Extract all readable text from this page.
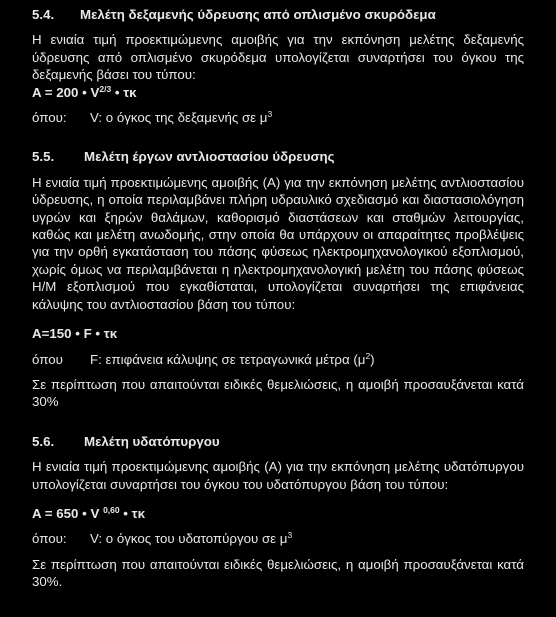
5.4. Μελέτη δεξαμενής ύδρευσης από οπλισμένο σκυρόδεμα

Η ενιαία τιμή προεκτιμώμενης αμοιβής για την εκπόνηση μελέτης δεξαμενής ύδρευσης από οπλισμένο σκυρόδεμα υπολογίζεται συναρτήσει του όγκου της δεξαμενής βάσει του τύπου:

A = 200 • $V^{2/3}$ • τκ

όπου: V: ο όγκος της δεξαμενής σε $\mu^3$

5.5. Μελέτη έργων αντλιοστασίου ύδρευσης

Η ενιαία τιμή προεκτιμώμενης αμοιβής (Α) για την εκπόνηση μελέτης αντλιοστασίου ύδρευσης, η οποία περιλαμβάνει πλήρη υδραυλικό σχεδιασμό και διαστασιολόγηση υγρών και ξηρών θαλάμων, καθορισμό διαστάσεων και σταθμών λειτουργίας, καθώς και μελέτη ανωδομής, στην οποία θα υπάρχουν οι απαραίτητες προβλέψεις για την ορθή εγκατάσταση του πάσης φύσεως ηλεκτρομηχανολογικού εξοπλισμού, χωρίς όμως να περιλαμβάνεται η ηλεκτρομηχανολογική μελέτη του πάσης φύσεως Η/Μ εξοπλισμού που εγκαθίσταται, υπολογίζεται συναρτήσει της επιφάνειας κάλυψης του αντλιοστασίου βάση του τύπου:

A=150 • F • τκ

όπου F: επιφάνεια κάλυψης σε τετραγωνικά μέτρα $(\mu^2)$

Σε περίπτωση που απαιτούνται ειδικές θεμελιώσεις, η αμοιβή προσαυξάνεται κατά 30%

5.6. Μελέτη υδατόπυργου

Η ενιαία τιμή προεκτιμώμενης αμοιβής (Α) για την εκπόνηση μελέτης υδατόπυργου υπολογίζεται συναρτήσει του όγκου του υδατόπυργου βάση του τύπου:

A = 650 • V $^{0,60}$ • τκ

όπου: V: ο όγκος του υδατοπύργου σε $\mu^3$

Σε περίπτωση που απαιτούνται ειδικές θεμελιώσεις, η αμοιβή προσαυξάνεται κατά 30%.
